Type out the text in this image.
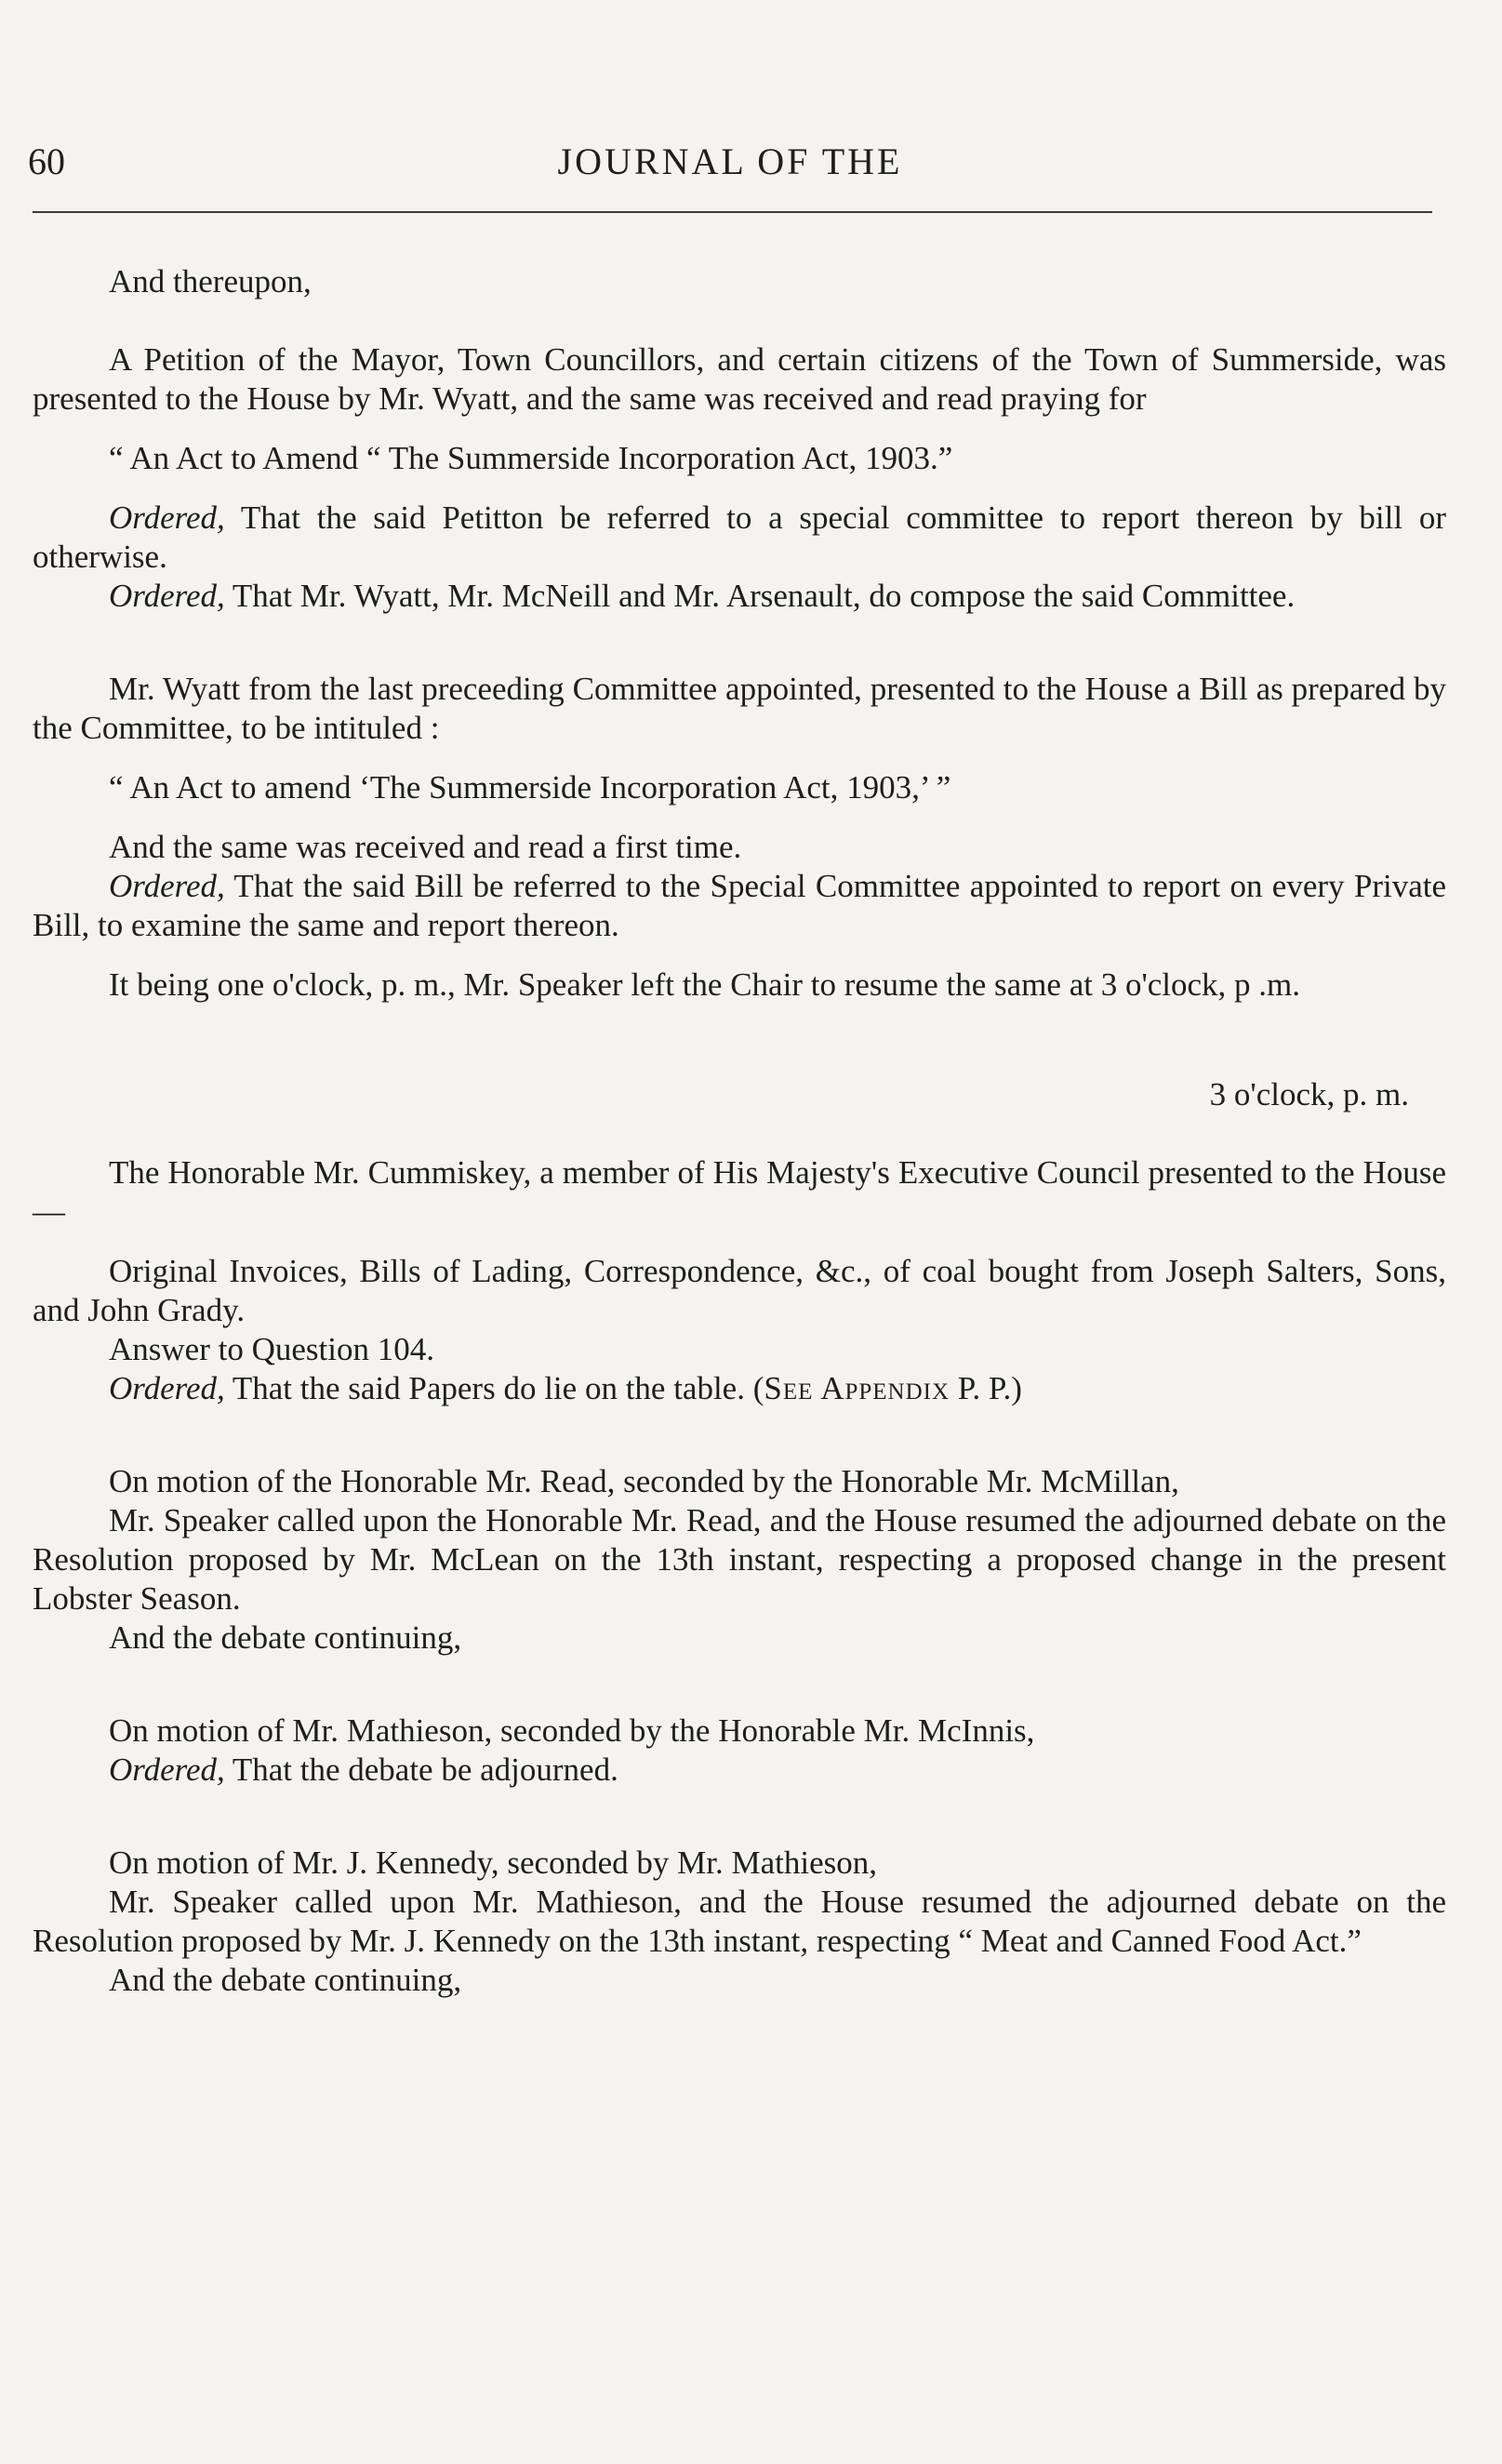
60	JOURNAL OF THE

And thereupon,

A Petition of the Mayor, Town Councillors, and certain citizens of the Town of Summerside, was presented to the House by Mr. Wyatt, and the same was received and read praying for

“ An Act to Amend “ The Summerside Incorporation Act, 1903.”

Ordered, That the said Petitton be referred to a special committee to report thereon by bill or otherwise.

Ordered, That Mr. Wyatt, Mr. McNeill and Mr. Arsenault, do compose the said Committee.

Mr. Wyatt from the last preceeding Committee appointed, presented to the House a Bill as prepared by the Committee, to be intituled :

“ An Act to amend ‘The Summerside Incorporation Act, 1903,’ ”

And the same was received and read a first time.

Ordered, That the said Bill be referred to the Special Committee appointed to report on every Private Bill, to examine the same and report thereon.

It being one o'clock, p. m., Mr. Speaker left the Chair to resume the same at 3 o'clock, p .m.

3 o'clock, p. m.

The Honorable Mr. Cummiskey, a member of His Majesty's Executive Council presented to the House—

Original Invoices, Bills of Lading, Correspondence, &c., of coal bought from Joseph Salters, Sons, and John Grady.

Answer to Question 104.

Ordered, That the said Papers do lie on the table. (See Appendix P. P.)

On motion of the Honorable Mr. Read, seconded by the Honorable Mr. McMillan,

Mr. Speaker called upon the Honorable Mr. Read, and the House resumed the adjourned debate on the Resolution proposed by Mr. McLean on the 13th instant, respecting a proposed change in the present Lobster Season.

And the debate continuing,

On motion of Mr. Mathieson, seconded by the Honorable Mr. McInnis,

Ordered, That the debate be adjourned.

On motion of Mr. J. Kennedy, seconded by Mr. Mathieson,

Mr. Speaker called upon Mr. Mathieson, and the House resumed the adjourned debate on the Resolution proposed by Mr. J. Kennedy on the 13th instant, respecting “ Meat and Canned Food Act.”

And the debate continuing,
